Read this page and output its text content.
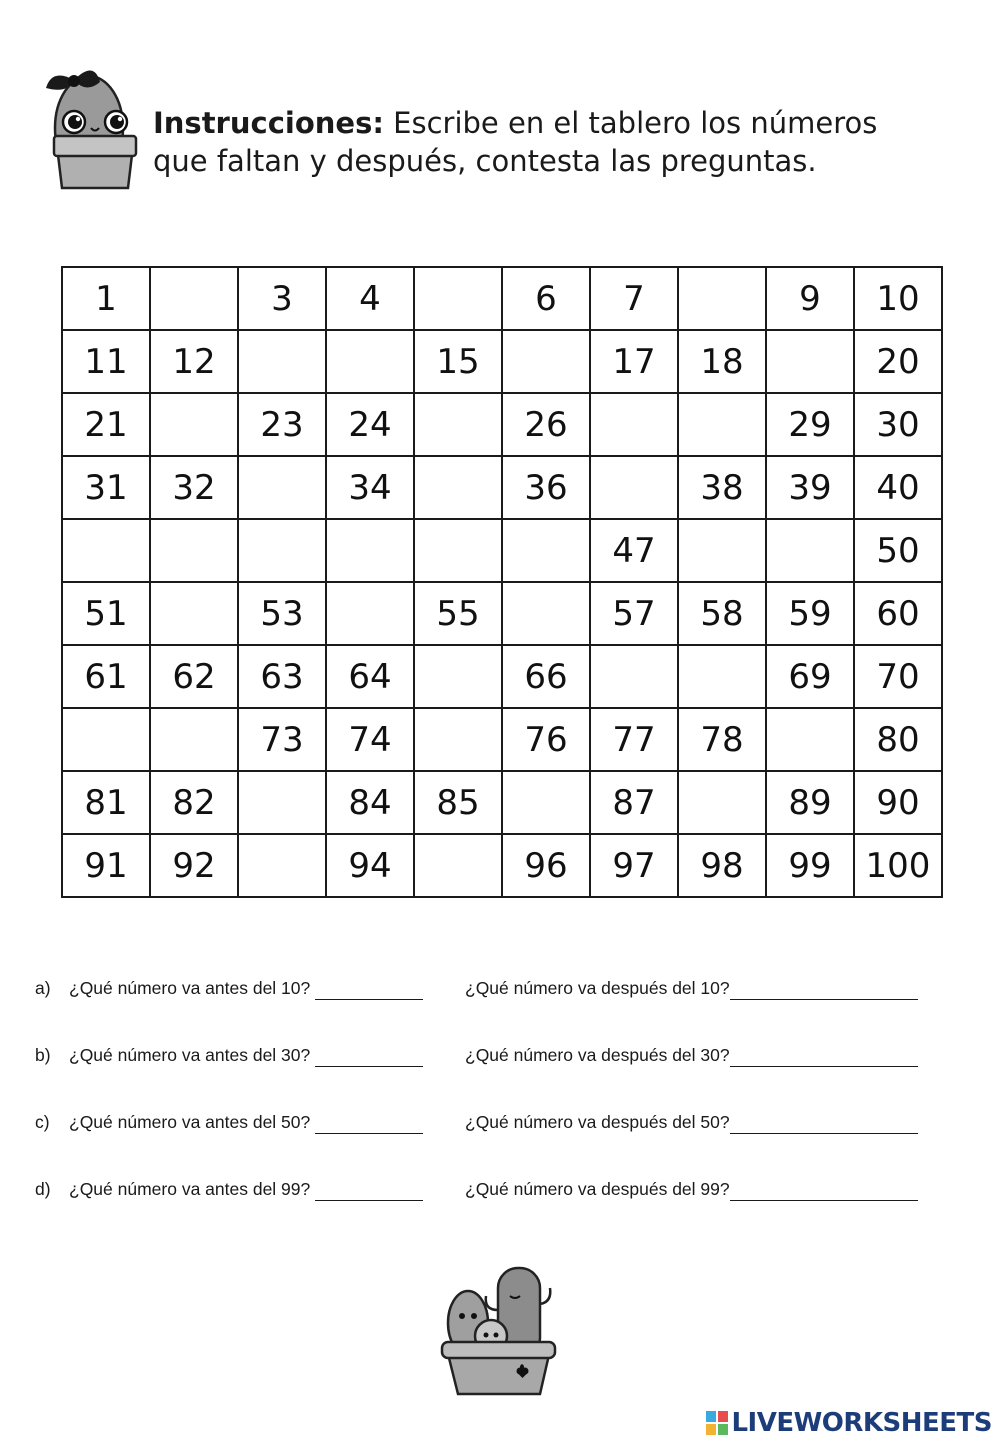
Instrucciones: Escribe en el tablero los números
que faltan y después, contesta las preguntas.
1		3	4		6	7		9	10
11	12			15		17	18		20
21		23	24		26			29	30
31	32		34		36		38	39	40
						47			50
51		53		55		57	58	59	60
61	62	63	64		66			69	70
		73	74		76	77	78		80
81	82		84	85		87		89	90
91	92		94		96	97	98	99	100
a) ¿Qué número va antes del 10?	¿Qué número va después del 10?
b) ¿Qué número va antes del 30?	¿Qué número va después del 30?
c) ¿Qué número va antes del 50?	¿Qué número va después del 50?
d) ¿Qué número va antes del 99?	¿Qué número va después del 99?
LIVEWORKSHEETS
